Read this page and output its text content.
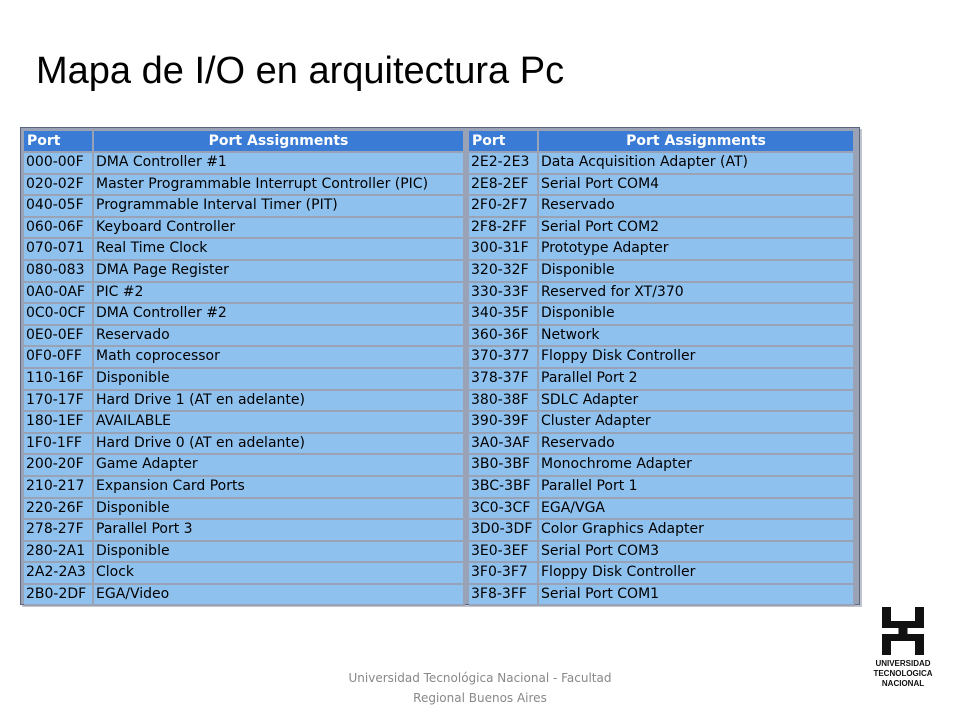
Mapa de I/O en arquitectura Pc
Port	Port Assignments
000-00F	DMA Controller #1
020-02F	Master Programmable Interrupt Controller (PIC)
040-05F	Programmable Interval Timer (PIT)
060-06F	Keyboard Controller
070-071	Real Time Clock
080-083	DMA Page Register
0A0-0AF	PIC #2
0C0-0CF	DMA Controller #2
0E0-0EF	Reservado
0F0-0FF	Math coprocessor
110-16F	Disponible
170-17F	Hard Drive 1 (AT en adelante)
180-1EF	AVAILABLE
1F0-1FF	Hard Drive 0 (AT en adelante)
200-20F	Game Adapter
210-217	Expansion Card Ports
220-26F	Disponible
278-27F	Parallel Port 3
280-2A1	Disponible
2A2-2A3	Clock
2B0-2DF	EGA/Video
Port	Port Assignments
2E2-2E3	Data Acquisition Adapter (AT)
2E8-2EF	Serial Port COM4
2F0-2F7	Reservado
2F8-2FF	Serial Port COM2
300-31F	Prototype Adapter
320-32F	Disponible
330-33F	Reserved for XT/370
340-35F	Disponible
360-36F	Network
370-377	Floppy Disk Controller
378-37F	Parallel Port 2
380-38F	SDLC Adapter
390-39F	Cluster Adapter
3A0-3AF	Reservado
3B0-3BF	Monochrome Adapter
3BC-3BF	Parallel Port 1
3C0-3CF	EGA/VGA
3D0-3DF	Color Graphics Adapter
3E0-3EF	Serial Port COM3
3F0-3F7	Floppy Disk Controller
3F8-3FF	Serial Port COM1
UNIVERSIDAD
TECNOLOGICA
NACIONAL
Universidad Tecnológica Nacional - Facultad
Regional Buenos Aires
